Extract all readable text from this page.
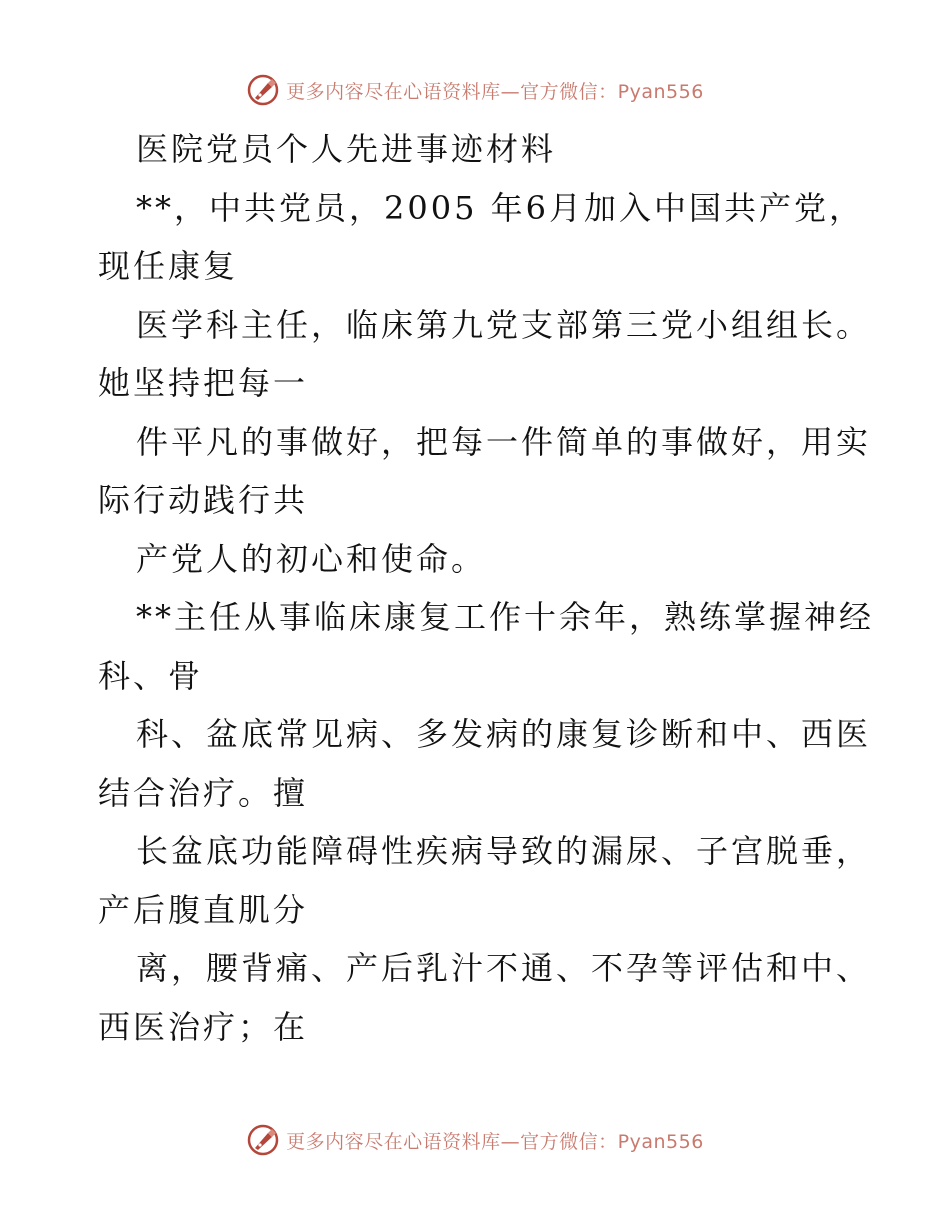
更多内容尽在心语资料库—官方微信：Pyan556
医院党员个人先进事迹材料
**，中共党员，2005 年6月加入中国共产党，
现任康复
医学科主任，临床第九党支部第三党小组组长。
她坚持把每一
件平凡的事做好，把每一件简单的事做好，用实
际行动践行共
产党人的初心和使命。
**主任从事临床康复工作十余年，熟练掌握神经
科、骨
科、盆底常见病、多发病的康复诊断和中、西医
结合治疗。擅
长盆底功能障碍性疾病导致的漏尿、子宫脱垂，
产后腹直肌分
离，腰背痛、产后乳汁不通、不孕等评估和中、
西医治疗；在
更多内容尽在心语资料库—官方微信：Pyan556
